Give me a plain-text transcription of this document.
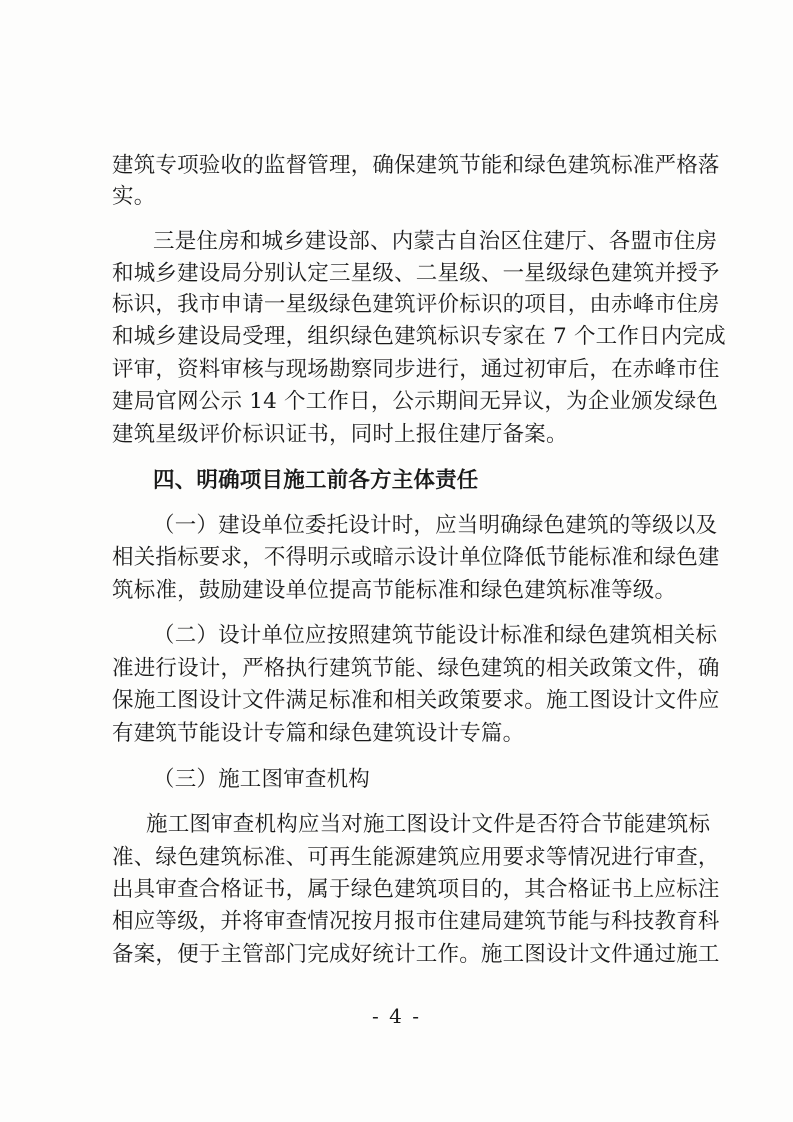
建筑专项验收的监督管理，确保建筑节能和绿色建筑标准严格落
实。
三是住房和城乡建设部、内蒙古自治区住建厅、各盟市住房
和城乡建设局分别认定三星级、二星级、一星级绿色建筑并授予
标识，我市申请一星级绿色建筑评价标识的项目，由赤峰市住房
和城乡建设局受理，组织绿色建筑标识专家在 7 个工作日内完成
评审，资料审核与现场勘察同步进行，通过初审后，在赤峰市住
建局官网公示 14 个工作日，公示期间无异议，为企业颁发绿色
建筑星级评价标识证书，同时上报住建厅备案。
四、明确项目施工前各方主体责任
（一）建设单位委托设计时，应当明确绿色建筑的等级以及
相关指标要求，不得明示或暗示设计单位降低节能标准和绿色建
筑标准，鼓励建设单位提高节能标准和绿色建筑标准等级。
（二）设计单位应按照建筑节能设计标准和绿色建筑相关标
准进行设计，严格执行建筑节能、绿色建筑的相关政策文件，确
保施工图设计文件满足标准和相关政策要求。施工图设计文件应
有建筑节能设计专篇和绿色建筑设计专篇。
（三）施工图审查机构
施工图审查机构应当对施工图设计文件是否符合节能建筑标
准、绿色建筑标准、可再生能源建筑应用要求等情况进行审查，
出具审查合格证书，属于绿色建筑项目的，其合格证书上应标注
相应等级，并将审查情况按月报市住建局建筑节能与科技教育科
备案，便于主管部门完成好统计工作。施工图设计文件通过施工
- 4 -
